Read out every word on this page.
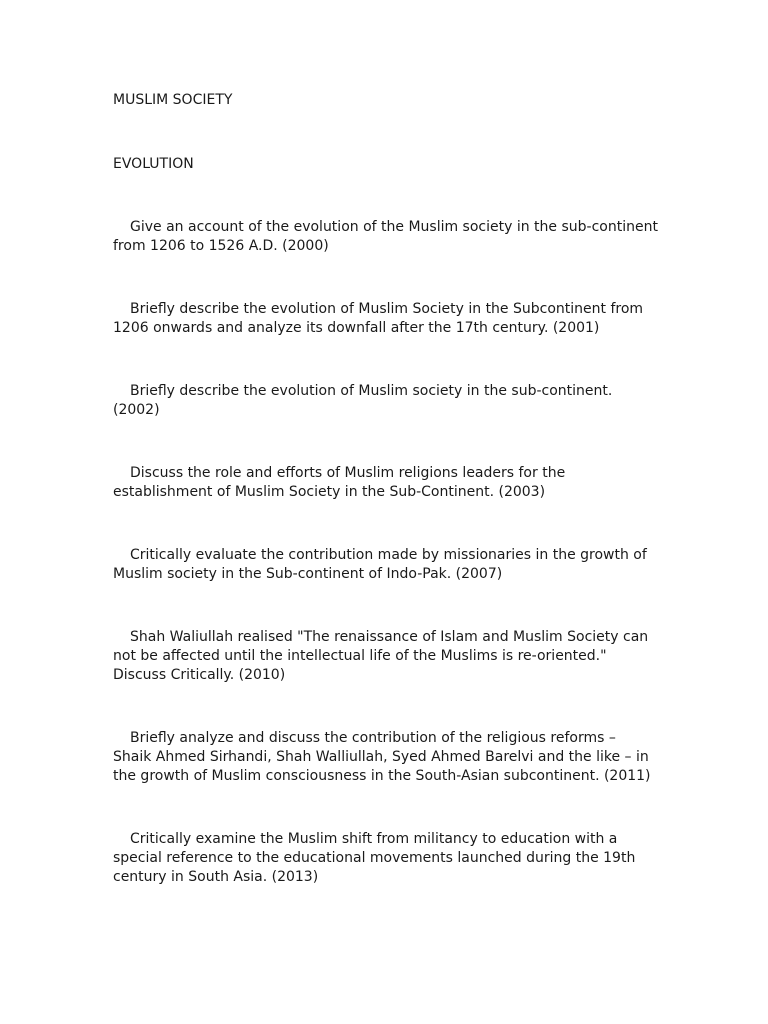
MUSLIM SOCIETY

EVOLUTION

Give an account of the evolution of the Muslim society in the sub-continent from 1206 to 1526 A.D. (2000)

Briefly describe the evolution of Muslim Society in the Subcontinent from 1206 onwards and analyze its downfall after the 17th century. (2001)

Briefly describe the evolution of Muslim society in the sub-continent. (2002)

Discuss the role and efforts of Muslim religions leaders for the establishment of Muslim Society in the Sub-Continent. (2003)

Critically evaluate the contribution made by missionaries in the growth of Muslim society in the Sub-continent of Indo-Pak. (2007)

Shah Waliullah realised "The renaissance of Islam and Muslim Society can not be affected until the intellectual life of the Muslims is re-oriented." Discuss Critically. (2010)

Briefly analyze and discuss the contribution of the religious reforms – Shaik Ahmed Sirhandi, Shah Walliullah, Syed Ahmed Barelvi and the like – in the growth of Muslim consciousness in the South-Asian subcontinent. (2011)

Critically examine the Muslim shift from militancy to education with a special reference to the educational movements launched during the 19th century in South Asia. (2013)
